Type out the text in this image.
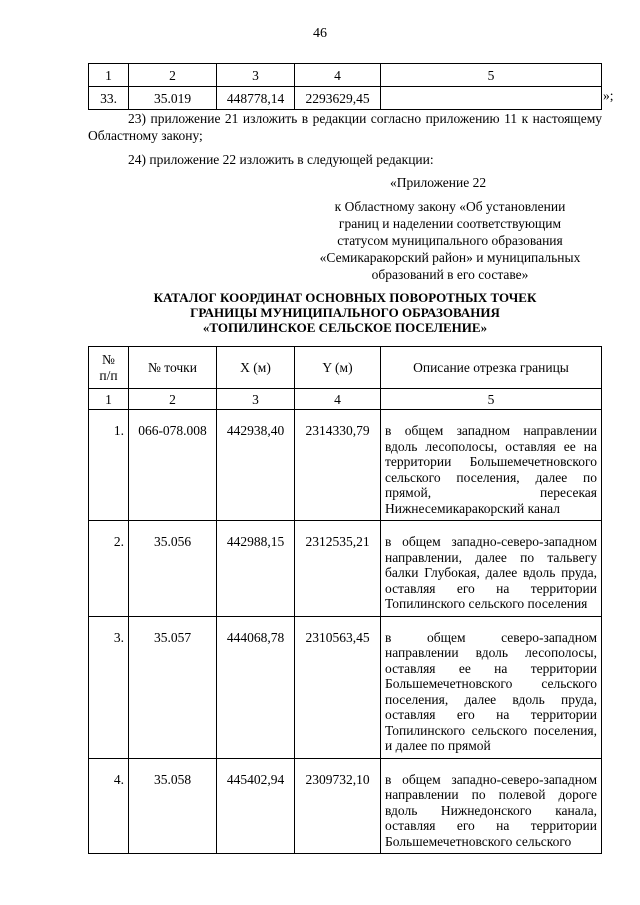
46
1	2	3	4	5
33.	35.019	448778,14	2293629,45		»;
23) приложение 21 изложить в редакции согласно приложению 11 к настоящему Областному закону;
24) приложение 22 изложить в следующей редакции:
«Приложение 22
к Областному закону «Об установлении
границ и наделении соответствующим
статусом муниципального образования
«Семикаракорский район» и муниципальных
образований в его составе»
КАТАЛОГ КООРДИНАТ ОСНОВНЫХ ПОВОРОТНЫХ ТОЧЕК
ГРАНИЦЫ МУНИЦИПАЛЬНОГО ОБРАЗОВАНИЯ
«ТОПИЛИНСКОЕ СЕЛЬСКОЕ ПОСЕЛЕНИЕ»
№
п/п	№ точки	X (м)	Y (м)	Описание отрезка границы
1	2	3	4	5
1.	066-078.008	442938,40	2314330,79	в общем западном направлении вдоль лесополосы, оставляя ее на территории Большемечетновского сельского поселения, далее по прямой, пересекая Нижнесемикаракорский канал
2.	35.056	442988,15	2312535,21	в общем западно-северо-западном направлении, далее по тальвегу балки Глубокая, далее вдоль пруда, оставляя его на территории Топилинского сельского поселения
3.	35.057	444068,78	2310563,45	в общем северо-западном направлении вдоль лесополосы, оставляя ее на территории Большемечетновского сельского поселения, далее вдоль пруда, оставляя его на территории Топилинского сельского поселения, и далее по прямой
4.	35.058	445402,94	2309732,10	в общем западно-северо-западном направлении по полевой дороге вдоль Нижнедонского канала, оставляя его на территории Большемечетновского сельского
